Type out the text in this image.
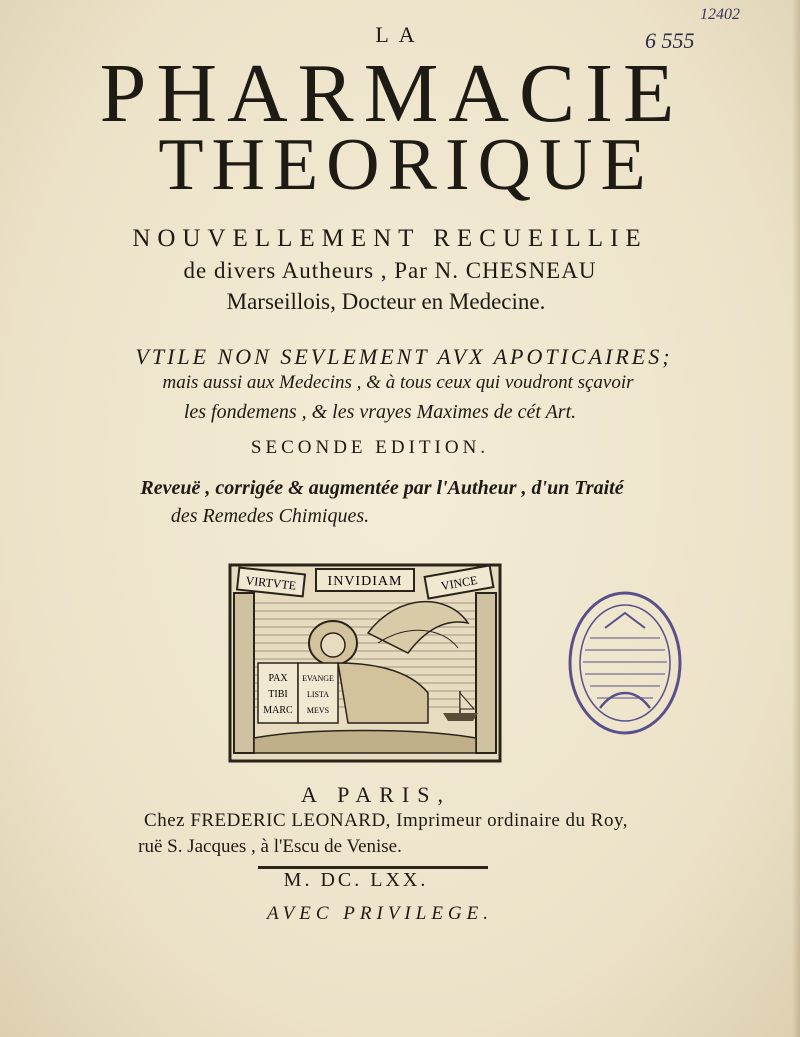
12402
6 555
LA
PHARMACIE
THEORIQUE
NOUVELLEMENT RECUEILLIE
de divers Autheurs , Par N. CHESNEAU
Marseillois, Docteur en Medecine.
VTILE NON SEVLEMENT AVX APOTICAIRES;
mais aussi aux Medecins , & à tous ceux qui voudront sçavoir
les fondemens , & les vrayes Maximes de cét Art.
SECONDE EDITION.
Reveuë , corrigée & augmentée par l'Autheur , d'un Traité
des Remedes Chimiques.
VIRTVTE INVIDIAM	VINCE
PAX
TIBI
MARC
EVANGE
LISTA
MEVS
A PARIS,
Chez FREDERIC LEONARD, Imprimeur ordinaire du Roy,
ruë S. Jacques , à l'Escu de Venise.
M. DC. LXX.
AVEC PRIVILEGE.
